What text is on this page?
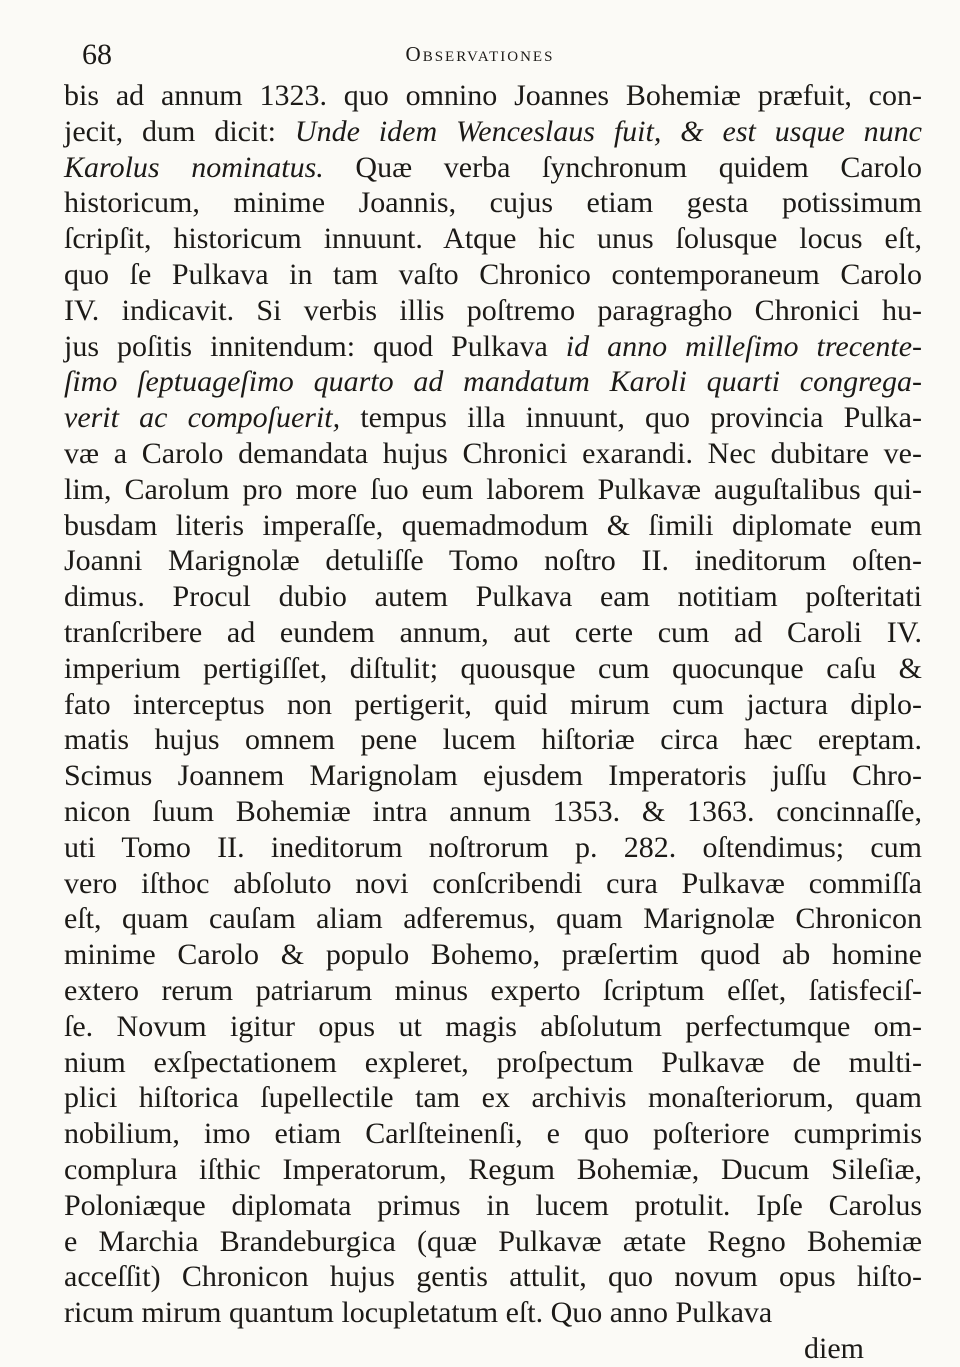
68	Observationes
bis ad annum 1323. quo omnino Joannes Bohemiæ præfuit, con-
jecit, dum dicit: Unde idem Wenceslaus fuit, & est usque nunc
Karolus nominatus. Quæ verba ſynchronum quidem Carolo
historicum, minime Joannis, cujus etiam gesta potissimum
ſcripſit, historicum innuunt. Atque hic unus ſolusque locus eſt,
quo ſe Pulkava in tam vaſto Chronico contemporaneum Carolo
IV. indicavit. Si verbis illis poſtremo paragragho Chronici hu-
jus poſitis innitendum: quod Pulkava id anno milleſimo trecente-
ſimo ſeptuageſimo quarto ad mandatum Karoli quarti congrega-
verit ac compoſuerit, tempus illa innuunt, quo provincia Pulka-
væ a Carolo demandata hujus Chronici exarandi. Nec dubitare ve-
lim, Carolum pro more ſuo eum laborem Pulkavæ auguſtalibus qui-
busdam literis imperaſſe, quemadmodum & ſimili diplomate eum
Joanni Marignolæ detuliſſe Tomo noſtro II. ineditorum oſten-
dimus. Procul dubio autem Pulkava eam notitiam poſteritati
tranſcribere ad eundem annum, aut certe cum ad Caroli IV.
imperium pertigiſſet, diſtulit; quousque cum quocunque caſu &
fato interceptus non pertigerit, quid mirum cum jactura diplo-
matis hujus omnem pene lucem hiſtoriæ circa hæc ereptam.
Scimus Joannem Marignolam ejusdem Imperatoris juſſu Chro-
nicon ſuum Bohemiæ intra annum 1353. & 1363. concinnaſſe,
uti Tomo II. ineditorum noſtrorum p. 282. oſtendimus; cum
vero iſthoc abſoluto novi conſcribendi cura Pulkavæ commiſſa
eſt, quam cauſam aliam adferemus, quam Marignolæ Chronicon
minime Carolo & populo Bohemo, præſertim quod ab homine
extero rerum patriarum minus experto ſcriptum eſſet, ſatisfeciſ-
ſe. Novum igitur opus ut magis abſolutum perfectumque om-
nium exſpectationem expleret, proſpectum Pulkavæ de multi-
plici hiſtorica ſupellectile tam ex archivis monaſteriorum, quam
nobilium, imo etiam Carlſteinenſi, e quo poſteriore cumprimis
complura iſthic Imperatorum, Regum Bohemiæ, Ducum Sileſiæ,
Poloniæque diplomata primus in lucem protulit. Ipſe Carolus
e Marchia Brandeburgica (quæ Pulkavæ ætate Regno Bohemiæ
acceſſit) Chronicon hujus gentis attulit, quo novum opus hiſto-
ricum mirum quantum locupletatum eſt. Quo anno Pulkava
diem
